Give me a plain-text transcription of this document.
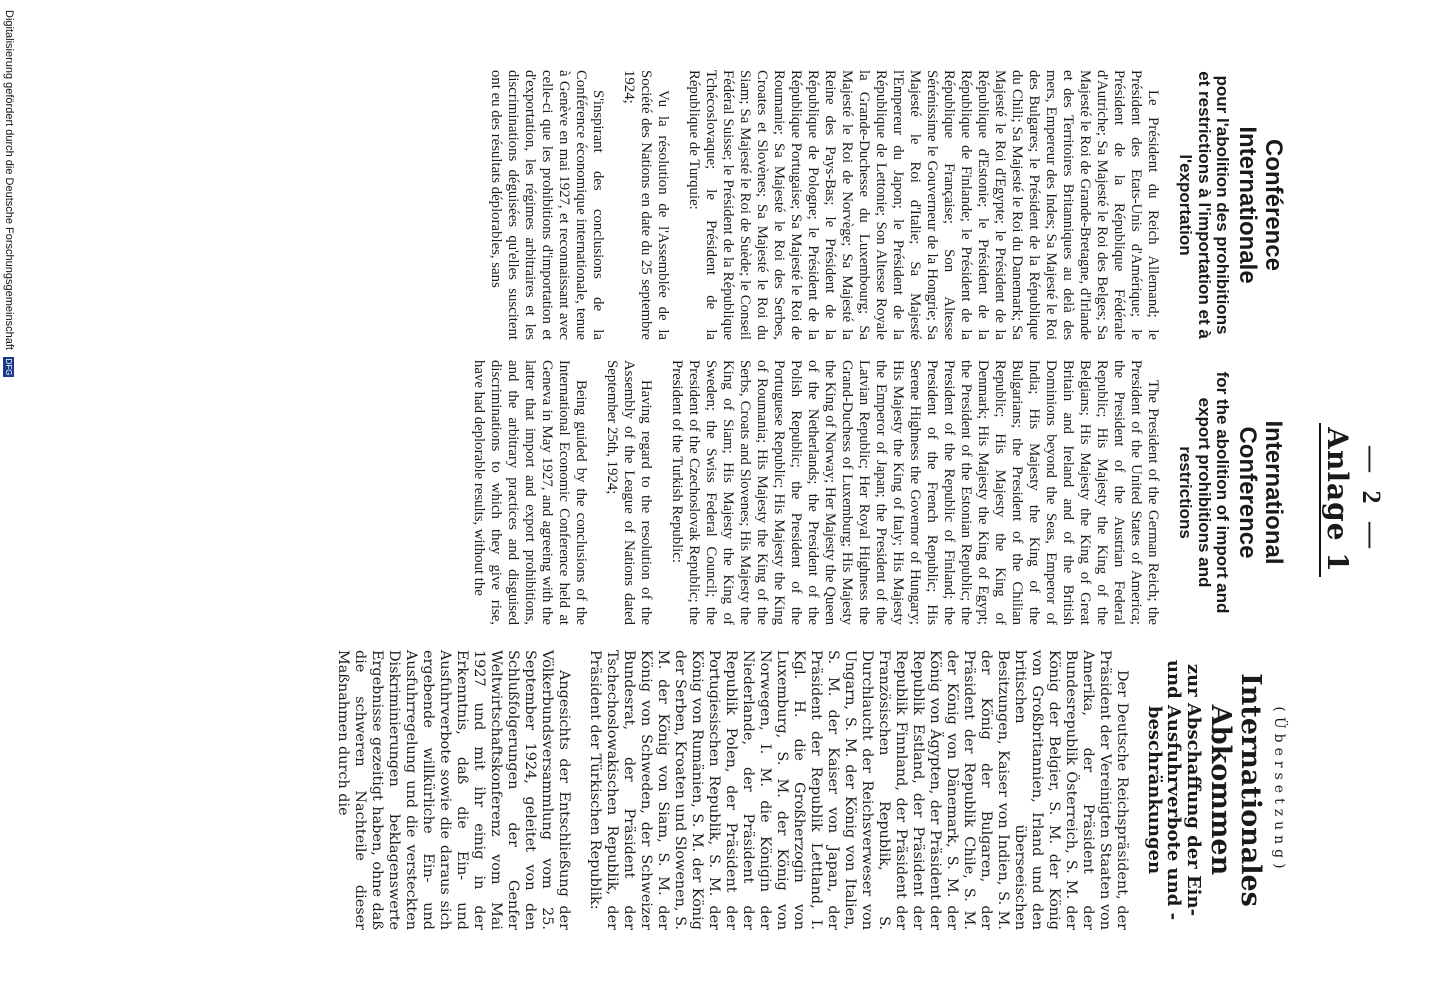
— 2 —
Anlage 1
Conférence Internationale
pour l'abolition des prohibitions et restrictions à l'importation et à l'exportation

Le Président du Reich Allemand; le Président des Etats-Unis d'Amérique; le Président de la République Fédérale d'Autriche; Sa Majesté le Roi des Belges; Sa Majesté le Roi de Grande-Bretagne, d'Irlande et des Territoires Britanniques au delà des mers, Empereur des Indes; Sa Majesté le Roi des Bulgares; le Président de la République du Chili; Sa Majesté le Roi du Danemark; Sa Majesté le Roi d'Egypte; le Président de la République d'Estonie; le Président de la République de Finlande; le Président de la République Française; Son Altesse Sérénissime le Gouverneur de la Hongrie; Sa Majesté le Roi d'Italie; Sa Majesté l'Empereur du Japon; le Président de la République de Lettonie; Son Altesse Royale la Grande-Duchesse du Luxembourg; Sa Majesté le Roi de Norvège; Sa Majesté la Reine des Pays-Bas; le Président de la République de Pologne; le Président de la République Portugaise; Sa Majesté le Roi de Roumanie; Sa Majesté le Roi des Serbes, Croates et Slovènes; Sa Majesté le Roi du Siam; Sa Majesté le Roi de Suède; le Conseil Fédéral Suisse; le Président de la République Tchécoslovaque; le Président de la République de Turquie:

Vu la résolution de l'Assemblée de la Société des Nations en date du 25 septembre 1924;

S'inspirant des conclusions de la Conférence économique internationale, tenue à Genève en mai 1927, et reconnaissant avec celle-ci que les prohibitions d'importation et d'exportation, les régimes arbitraires et les discriminations déguisées qu'elles suscitent ont eu des résultats déplorables, sans

International Conference
for the abolition of import and export prohibitions and restrictions

The President of the German Reich; the President of the United States of America; the President of the Austrian Federal Republic; His Majesty the King of the Belgians; His Majesty the King of Great Britain and Ireland and of the British Dominions beyond the Seas, Emperor of India; His Majesty the King of the Bulgarians; the President of the Chilian Republic; His Majesty the King of Denmark; His Majesty the King of Egypt; the President of the Estonian Republic; the President of the Republic of Finland; the President of the French Republic; His Serene Highness the Governor of Hungary; His Majesty the King of Italy; His Majesty the Emperor of Japan; the President of the Latvian Republic; Her Royal Highness the Grand-Duchess of Luxemburg; His Majesty the King of Norway; Her Majesty the Queen of the Netherlands; the President of the Polish Republic; the President of the Portuguese Republic; His Majesty the King of Roumania; His Majesty the King of the Serbs, Croats and Slovenes; His Majesty the King of Siam; His Majesty the King of Sweden; the Swiss Federal Council; the President of the Czechoslovak Republic; the President of the Turkish Republic:

Having regard to the resolution of the Assembly of the League of Nations dated September 25th, 1924;

Being guided by the conclusions of the International Economic Conference held at Geneva in May 1927, and agreeing with the latter that import and export prohibitions, and the arbitrary practices and disguised discriminations to which they give rise, have had deplorable results, without the

(Übersetzung)
Internationales Abkommen
zur Abschaffung der Ein- und Ausfuhrverbote und -beschränkungen

Der Deutsche Reichspräsident, der Präsident der Vereinigten Staaten von Amerika, der Präsident der Bundesrepublik Österreich, S. M. der König der Belgier, S. M. der König von Großbritannien, Irland und den britischen überseeischen Besitzungen, Kaiser von Indien, S. M. der König der Bulgaren, der Präsident der Republik Chile, S. M. der König von Dänemark, S. M. der König von Ägypten, der Präsident der Republik Estland, der Präsident der Republik Finnland, der Präsident der Französischen Republik, S. Durchlaucht der Reichsverweser von Ungarn, S. M. der König von Italien, S. M. der Kaiser von Japan, der Präsident der Republik Lettland, I. Kgl. H. die Großherzogin von Luxemburg, S. M. der König von Norwegen, I. M. die Königin der Niederlande, der Präsident der Republik Polen, der Präsident der Portugiesischen Republik, S. M. der König von Rumänien, S. M. der König der Serben, Kroaten und Slowenen, S. M. der König von Siam, S. M. der König von Schweden, der Schweizer Bundesrat, der Präsident der Tschechoslowakischen Republik, der Präsident der Türkischen Republik:

Angesichts der Entschließung der Völkerbundsversammlung vom 25. September 1924, geleitet von den Schlußfolgerungen der Genfer Weltwirtschaftskonferenz vom Mai 1927 und mit ihr einig in der Erkenntnis, daß die Ein- und Ausfuhrverbote sowie die daraus sich ergebende willkürliche Ein- und Ausfuhrregelung und die versteckten Diskriminierungen beklagenswerte Ergebnisse gezeitigt haben, ohne daß die schweren Nachteile dieser Maßnahmen durch die

Digitalisierung gefördert durch die Deutsche Forschungsgemeinschaft DFG
